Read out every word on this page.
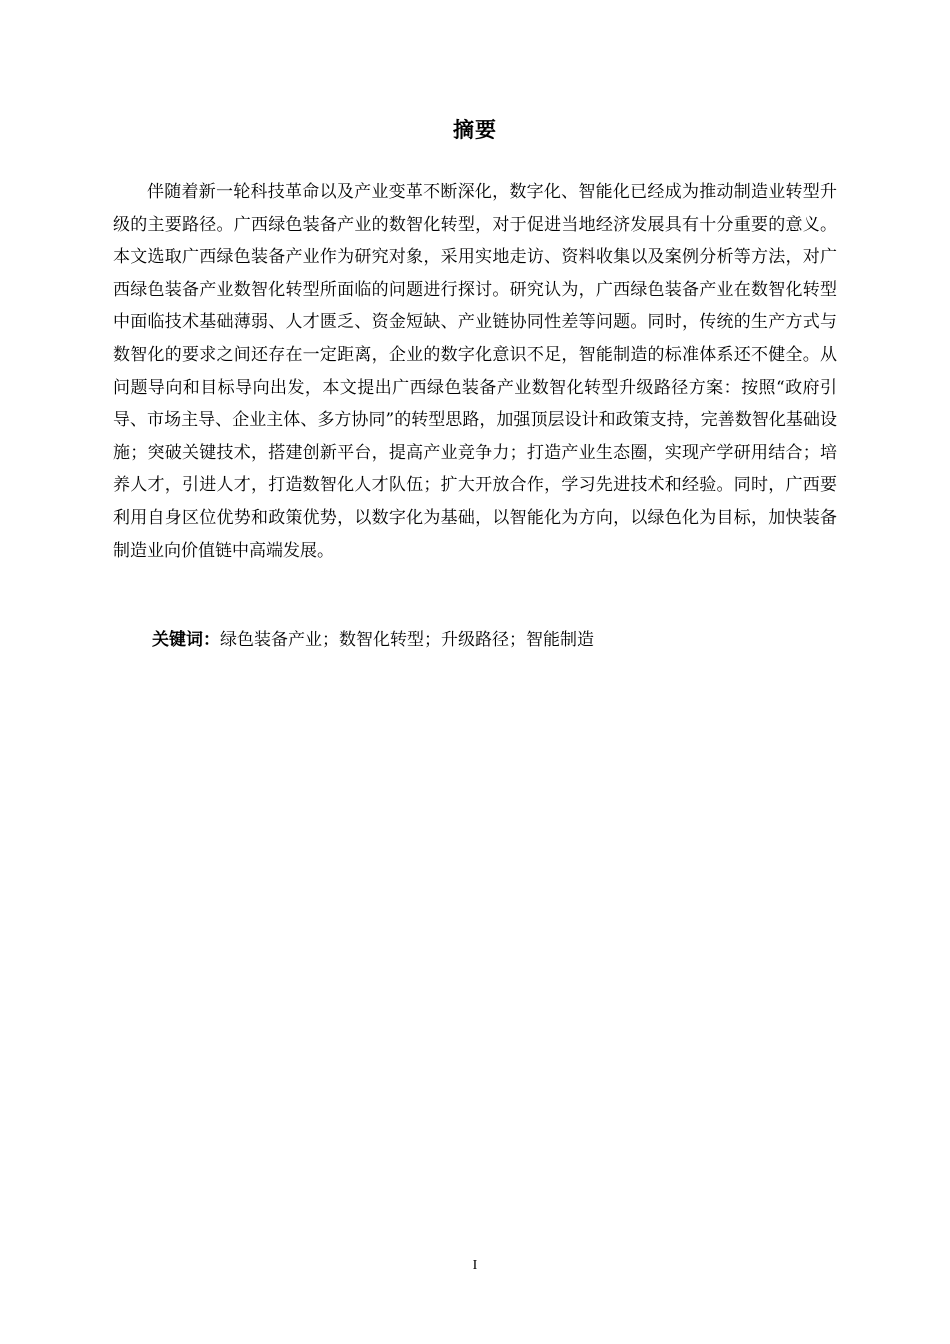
摘要

伴随着新一轮科技革命以及产业变革不断深化，数字化、智能化已经成为推动制造业转型升级的主要路径。广西绿色装备产业的数智化转型，对于促进当地经济发展具有十分重要的意义。本文选取广西绿色装备产业作为研究对象，采用实地走访、资料收集以及案例分析等方法，对广西绿色装备产业数智化转型所面临的问题进行探讨。研究认为，广西绿色装备产业在数智化转型中面临技术基础薄弱、人才匮乏、资金短缺、产业链协同性差等问题。同时，传统的生产方式与数智化的要求之间还存在一定距离，企业的数字化意识不足，智能制造的标准体系还不健全。从问题导向和目标导向出发，本文提出广西绿色装备产业数智化转型升级路径方案：按照“政府引导、市场主导、企业主体、多方协同”的转型思路，加强顶层设计和政策支持，完善数智化基础设施；突破关键技术，搭建创新平台，提高产业竞争力；打造产业生态圈，实现产学研用结合；培养人才，引进人才，打造数智化人才队伍；扩大开放合作，学习先进技术和经验。同时，广西要利用自身区位优势和政策优势，以数字化为基础，以智能化为方向，以绿色化为目标，加快装备制造业向价值链中高端发展。

关键词：绿色装备产业；数智化转型；升级路径；智能制造
I
